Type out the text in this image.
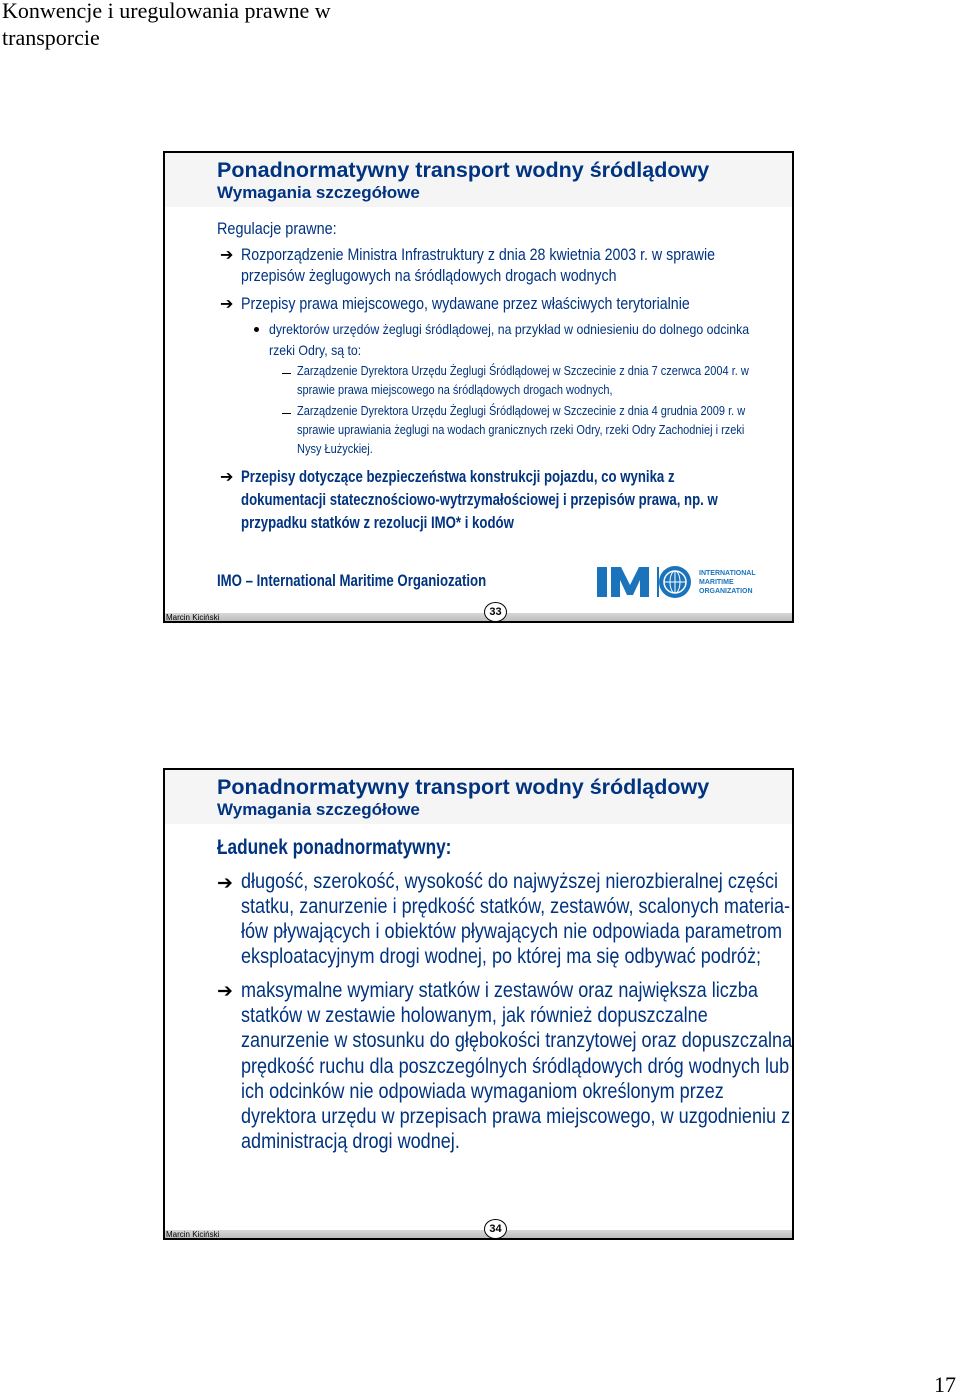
Konwencje i uregulowania prawne w transporcie
Ponadnormatywny transport wodny śródlądowy
Wymagania szczegółowe
Regulacje prawne:
➔ Rozporządzenie Ministra Infrastruktury z dnia 28 kwietnia 2003 r. w sprawie
przepisów żeglugowych na śródlądowych drogach wodnych
➔ Przepisy prawa miejscowego, wydawane przez właściwych terytorialnie
dyrektorów urzędów żeglugi śródlądowej, na przykład w odniesieniu do dolnego odcinka
rzeki Odry, są to:
Zarządzenie Dyrektora Urzędu Żeglugi Śródlądowej w Szczecinie z dnia 7 czerwca 2004 r. w
sprawie prawa miejscowego na śródlądowych drogach wodnych,
Zarządzenie Dyrektora Urzędu Żeglugi Śródlądowej w Szczecinie z dnia 4 grudnia 2009 r. w
sprawie uprawiania żeglugi na wodach granicznych rzeki Odry, rzeki Odry Zachodniej i rzeki
Nysy Łużyckiej.
➔ Przepisy dotyczące bezpieczeństwa konstrukcji pojazdu, co wynika z
dokumentacji statecznościowo-wytrzymałościowej i przepisów prawa, np. w
przypadku statków z rezolucji IMO* i kodów
IMO – International Maritime Organiozation	INTERNATIONAL
MARITIME
ORGANIZATION
Marcin Kiciński	33
Ponadnormatywny transport wodny śródlądowy
Wymagania szczegółowe
Ładunek ponadnormatywny:
➔ długość, szerokość, wysokość do najwyższej nierozbieralnej części
statku, zanurzenie i prędkość statków, zestawów, scalonych materia-
łów pływających i obiektów pływających nie odpowiada parametrom
eksploatacyjnym drogi wodnej, po której ma się odbywać podróż;
➔ maksymalne wymiary statków i zestawów oraz największa liczba
statków w zestawie holowanym, jak również dopuszczalne
zanurzenie w stosunku do głębokości tranzytowej oraz dopuszczalna
prędkość ruchu dla poszczególnych śródlądowych dróg wodnych lub
ich odcinków nie odpowiada wymaganiom określonym przez
dyrektora urzędu w przepisach prawa miejscowego, w uzgodnieniu z
administracją drogi wodnej.
Marcin Kiciński	34
17
